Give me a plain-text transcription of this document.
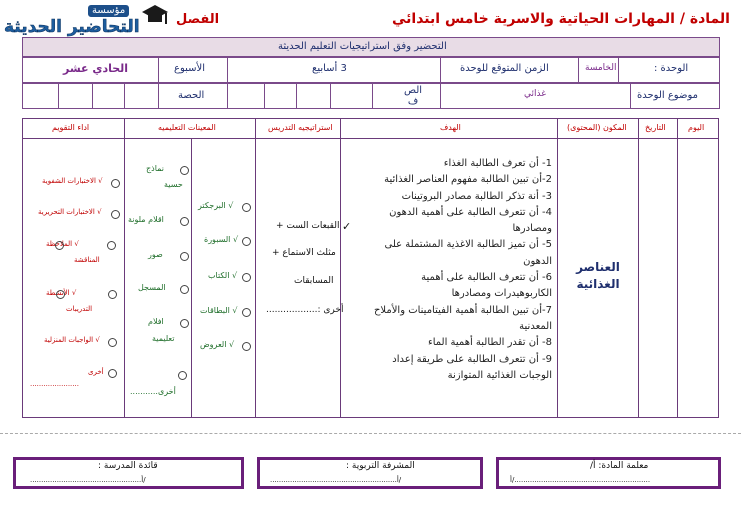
المادة / المهارات الحياتية والاسرية خامس ابتدائي
الفصل
مؤسسة
التحاضير الحديثة
التحضير وفق استراتيجيات التعليم الحديثة
الوحدة :
الخامسة
الزمن المتوقع للوحدة
3 أسابيع
الأسبوع
الحادي عشر
موضوع الوحدة
غذائي
الص ف
الحصة
اليوم
التاريخ
المكون (المحتوى)
الهدف
استراتيجيه التدريس
المعينات التعليميه
اداء التقويم
العناصر الغذائية
1- أن تعرف الطالبة الغذاء
2-أن تبين الطالبة مفهوم العناصر الغذائية
3- أنة تذكر الطالبة مصادر البروتينات
4- أن تتعرف الطالبة على أهمية الدهون
ومصادرها
5- أن تميز الطالبة الاغذية المشتملة على
الدهون
6- أن تتعرف الطالبة على أهمية
الكاربوهيدرات ومصادرها
7-أن تبين الطالبة أهمية الفيتامينات والأملاح
المعدنية
8- أن تقدر الطالبة أهمية الماء
9- أن تتعرف الطالبة على طريقة إعداد
الوجبات الغذائية المتوازنة
✓
القبعات الست +
مثلث الاستماع +
المسابقات
أخرى :..................
√ البرجكتر
√ السبورة
√ الكتاب
√ البطاقات
√ العروض
نماذج
حسية
اقلام ملونة
صور
المسجل
افلام
تعليمية
أخرى...........
√ الاختبارات الشفوية
√ الاختبارات التحريرية
√ الملاحظة
المناقشة
√ الأنشطة
التدريبات
√ الواجبات المنزلية
أخرى
......................
قائدة المدرسة :
..................................................أ/
المشرفة التربوية :
.........................................................أ/
معلمة المادة: أ/
أ/.............................................................
